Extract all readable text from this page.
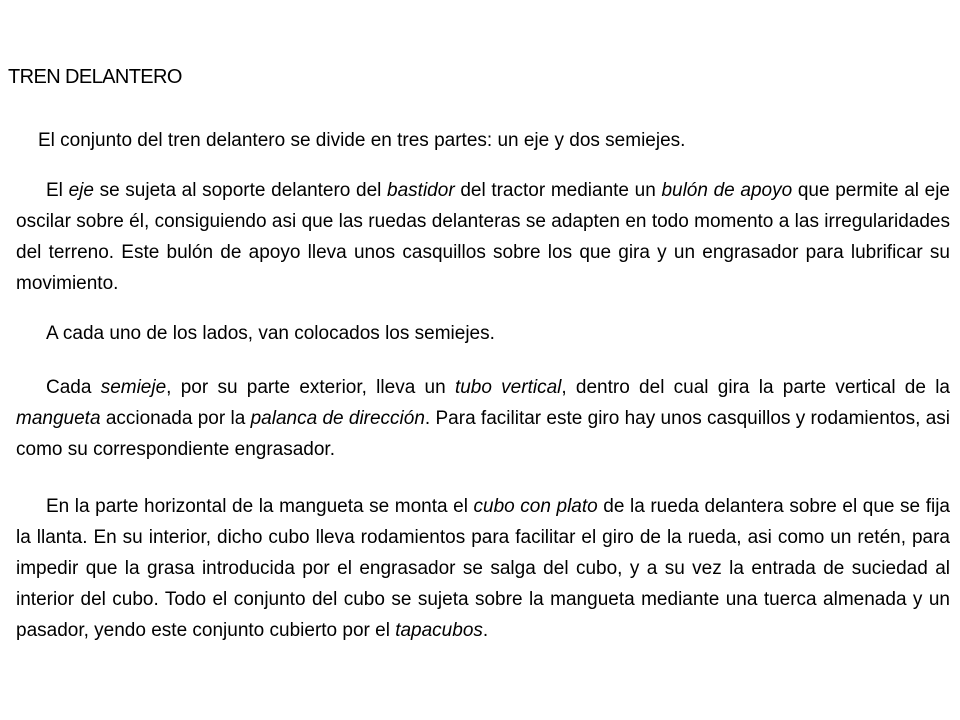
TREN DELANTERO

El conjunto del tren delantero se divide en tres partes: un eje y dos semiejes.

El eje se sujeta al soporte delantero del bastidor del tractor mediante un bulón de apoyo que permite al eje oscilar sobre él, consiguiendo asi que las ruedas delanteras se adapten en todo momento a las irregularidades del terreno. Este bulón de apoyo lleva unos casquillos sobre los que gira y un engrasador para lubrificar su movimiento.

A cada uno de los lados, van colocados los semiejes.

Cada semieje, por su parte exterior, lleva un tubo vertical, dentro del cual gira la parte vertical de la mangueta accionada por la palanca de dirección. Para facilitar este giro hay unos casquillos y rodamientos, asi como su correspondiente engrasador.

En la parte horizontal de la mangueta se monta el cubo con plato de la rueda delantera sobre el que se fija la llanta. En su interior, dicho cubo lleva rodamientos para facilitar el giro de la rueda, asi como un retén, para impedir que la grasa introducida por el engrasador se salga del cubo, y a su vez la entrada de suciedad al interior del cubo. Todo el conjunto del cubo se sujeta sobre la mangueta mediante una tuerca almenada y un pasador, yendo este conjunto cubierto por el tapacubos.
